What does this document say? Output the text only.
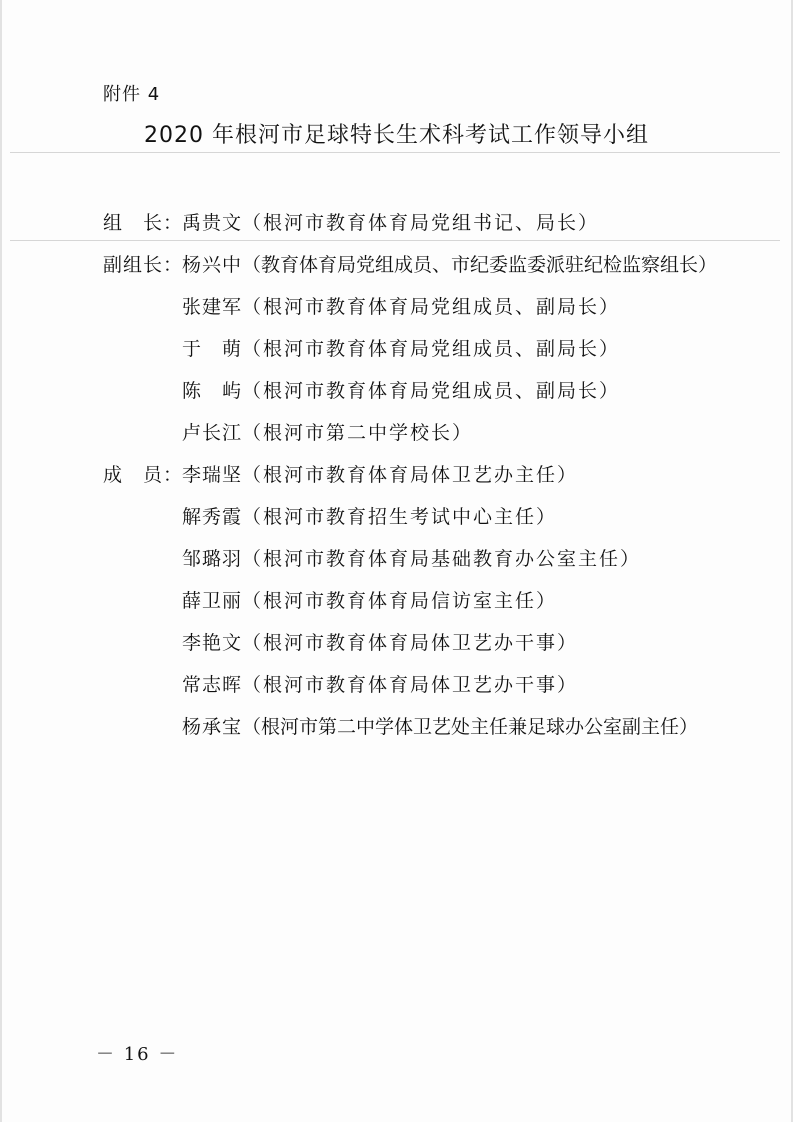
附件 4
2020 年根河市足球特长生术科考试工作领导小组
组　长：
禹贵文 （根河市教育体育局党组书记、局长）
副组长：
杨兴中 （教育体育局党组成员、市纪委监委派驻纪检监察组长）
张建军 （根河市教育体育局党组成员、副局长）
于　萌 （根河市教育体育局党组成员、副局长）
陈　屿 （根河市教育体育局党组成员、副局长）
卢长江 （根河市第二中学校长）
成　员：
李瑞坚 （根河市教育体育局体卫艺办主任）
解秀霞 （根河市教育招生考试中心主任）
邹璐羽 （根河市教育体育局基础教育办公室主任）
薛卫丽 （根河市教育体育局信访室主任）
李艳文 （根河市教育体育局体卫艺办干事）
常志晖 （根河市教育体育局体卫艺办干事）
杨承宝 （根河市第二中学体卫艺处主任兼足球办公室副主任）
－ 16 －
